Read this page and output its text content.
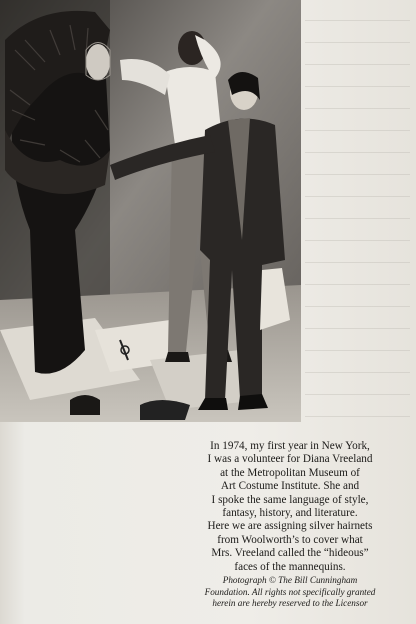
In 1974, my first year in New York,

I was a volunteer for Diana Vreeland

at the Metropolitan Museum of

Art Costume Institute. She and

I spoke the same language of style,

fantasy, history, and literature.

Here we are assigning silver hairnets

from Woolworth’s to cover what

Mrs. Vreeland called the “hideous”

faces of the mannequins.

Photograph © The Bill Cunningham

Foundation. All rights not specifically granted

herein are hereby reserved to the Licensor
